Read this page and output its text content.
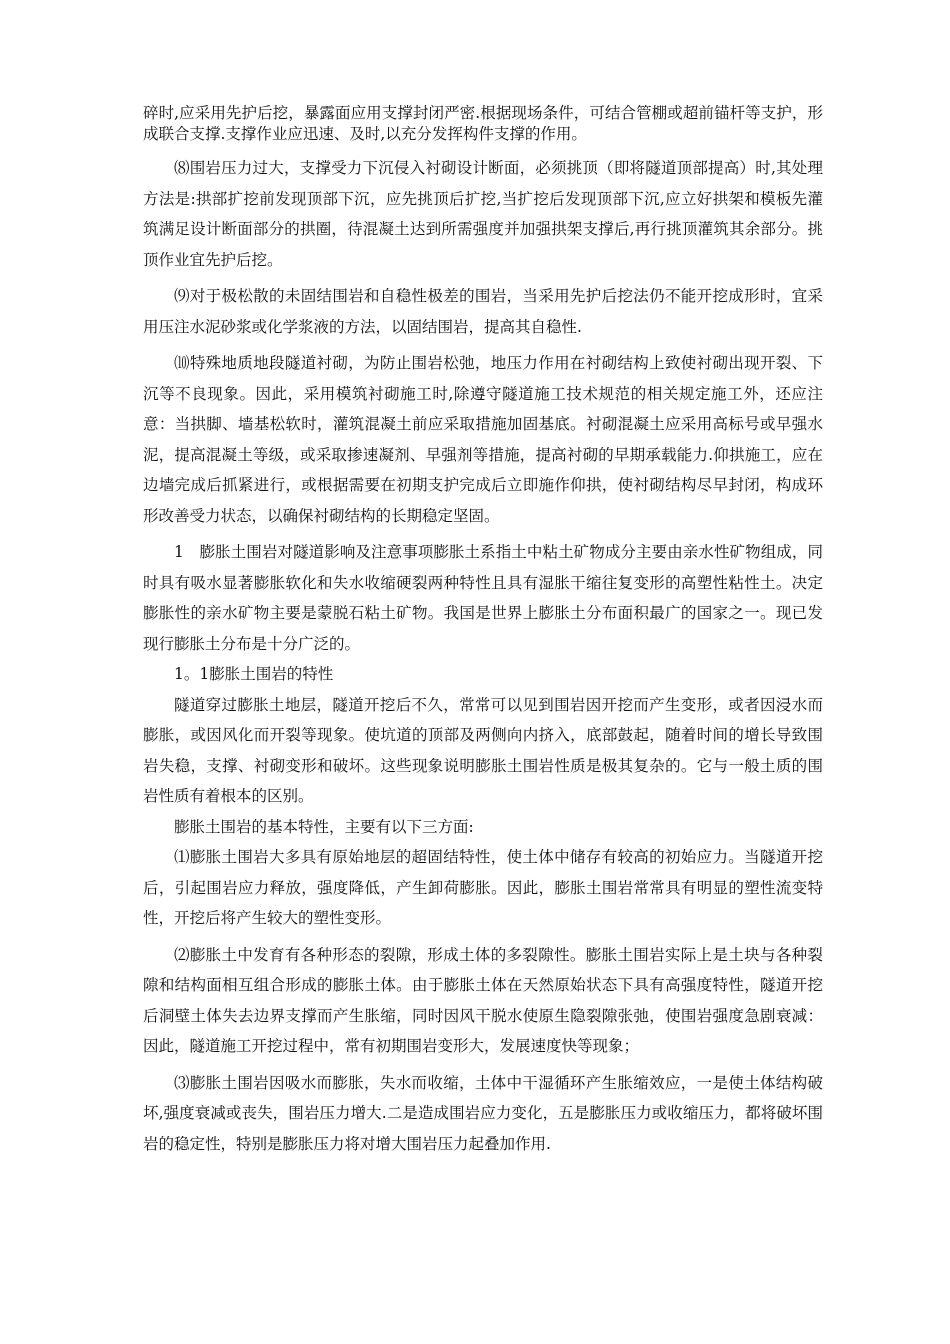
碎时,应采用先护后挖，暴露面应用支撑封闭严密.根据现场条件，可结合管棚或超前锚杆等支护，形成联合支撑.支撑作业应迅速、及时,以充分发挥构件支撑的作用。

⑻围岩压力过大，支撑受力下沉侵入衬砌设计断面，必须挑顶（即将隧道顶部提高）时,其处理方法是:拱部扩挖前发现顶部下沉，应先挑顶后扩挖,当扩挖后发现顶部下沉,应立好拱架和模板先灌筑满足设计断面部分的拱圈，待混凝土达到所需强度并加强拱架支撑后,再行挑顶灌筑其余部分。挑顶作业宜先护后挖。

⑼对于极松散的未固结围岩和自稳性极差的围岩，当采用先护后挖法仍不能开挖成形时，宜采用压注水泥砂浆或化学浆液的方法，以固结围岩，提高其自稳性.

⑽特殊地质地段隧道衬砌，为防止围岩松弛，地压力作用在衬砌结构上致使衬砌出现开裂、下沉等不良现象。因此，采用模筑衬砌施工时,除遵守隧道施工技术规范的相关规定施工外，还应注意：当拱脚、墙基松软时，灌筑混凝土前应采取措施加固基底。衬砌混凝土应采用高标号或早强水泥，提高混凝土等级，或采取掺速凝剂、早强剂等措施，提高衬砌的早期承载能力.仰拱施工，应在边墙完成后抓紧进行，或根据需要在初期支护完成后立即施作仰拱，使衬砌结构尽早封闭，构成环形改善受力状态，以确保衬砌结构的长期稳定坚固。

1　膨胀土围岩对隧道影响及注意事项膨胀土系指土中粘土矿物成分主要由亲水性矿物组成，同时具有吸水显著膨胀软化和失水收缩硬裂两种特性且具有湿胀干缩往复变形的高塑性粘性土。决定膨胀性的亲水矿物主要是蒙脱石粘土矿物。我国是世界上膨胀土分布面积最广的国家之一。现已发现行膨胀土分布是十分广泛的。

1。1膨胀土围岩的特性

隧道穿过膨胀土地层，隧道开挖后不久，常常可以见到围岩因开挖而产生变形，或者因浸水而膨胀，或因风化而开裂等现象。使坑道的顶部及两侧向内挤入，底部鼓起，随着时间的增长导致围岩失稳，支撑、衬砌变形和破坏。这些现象说明膨胀土围岩性质是极其复杂的。它与一般土质的围岩性质有着根本的区别。

膨胀土围岩的基本特性，主要有以下三方面:

⑴膨胀土围岩大多具有原始地层的超固结特性，使土体中储存有较高的初始应力。当隧道开挖后，引起围岩应力释放，强度降低，产生卸荷膨胀。因此，膨胀土围岩常常具有明显的塑性流变特性，开挖后将产生较大的塑性变形。

⑵膨胀土中发育有各种形态的裂隙，形成土体的多裂隙性。膨胀土围岩实际上是土块与各种裂隙和结构面相互组合形成的膨胀土体。由于膨胀土体在天然原始状态下具有高强度特性，隧道开挖后洞壁土体失去边界支撑而产生胀缩，同时因风干脱水使原生隐裂隙张弛，使围岩强度急剧衰减：因此，隧道施工开挖过程中，常有初期围岩变形大，发展速度快等现象；

⑶膨胀土围岩因吸水而膨胀，失水而收缩，土体中干湿循环产生胀缩效应，一是使土体结构破坏,强度衰减或丧失，围岩压力增大.二是造成围岩应力变化，五是膨胀压力或收缩压力，都将破坏围岩的稳定性，特别是膨胀压力将对增大围岩压力起叠加作用.
